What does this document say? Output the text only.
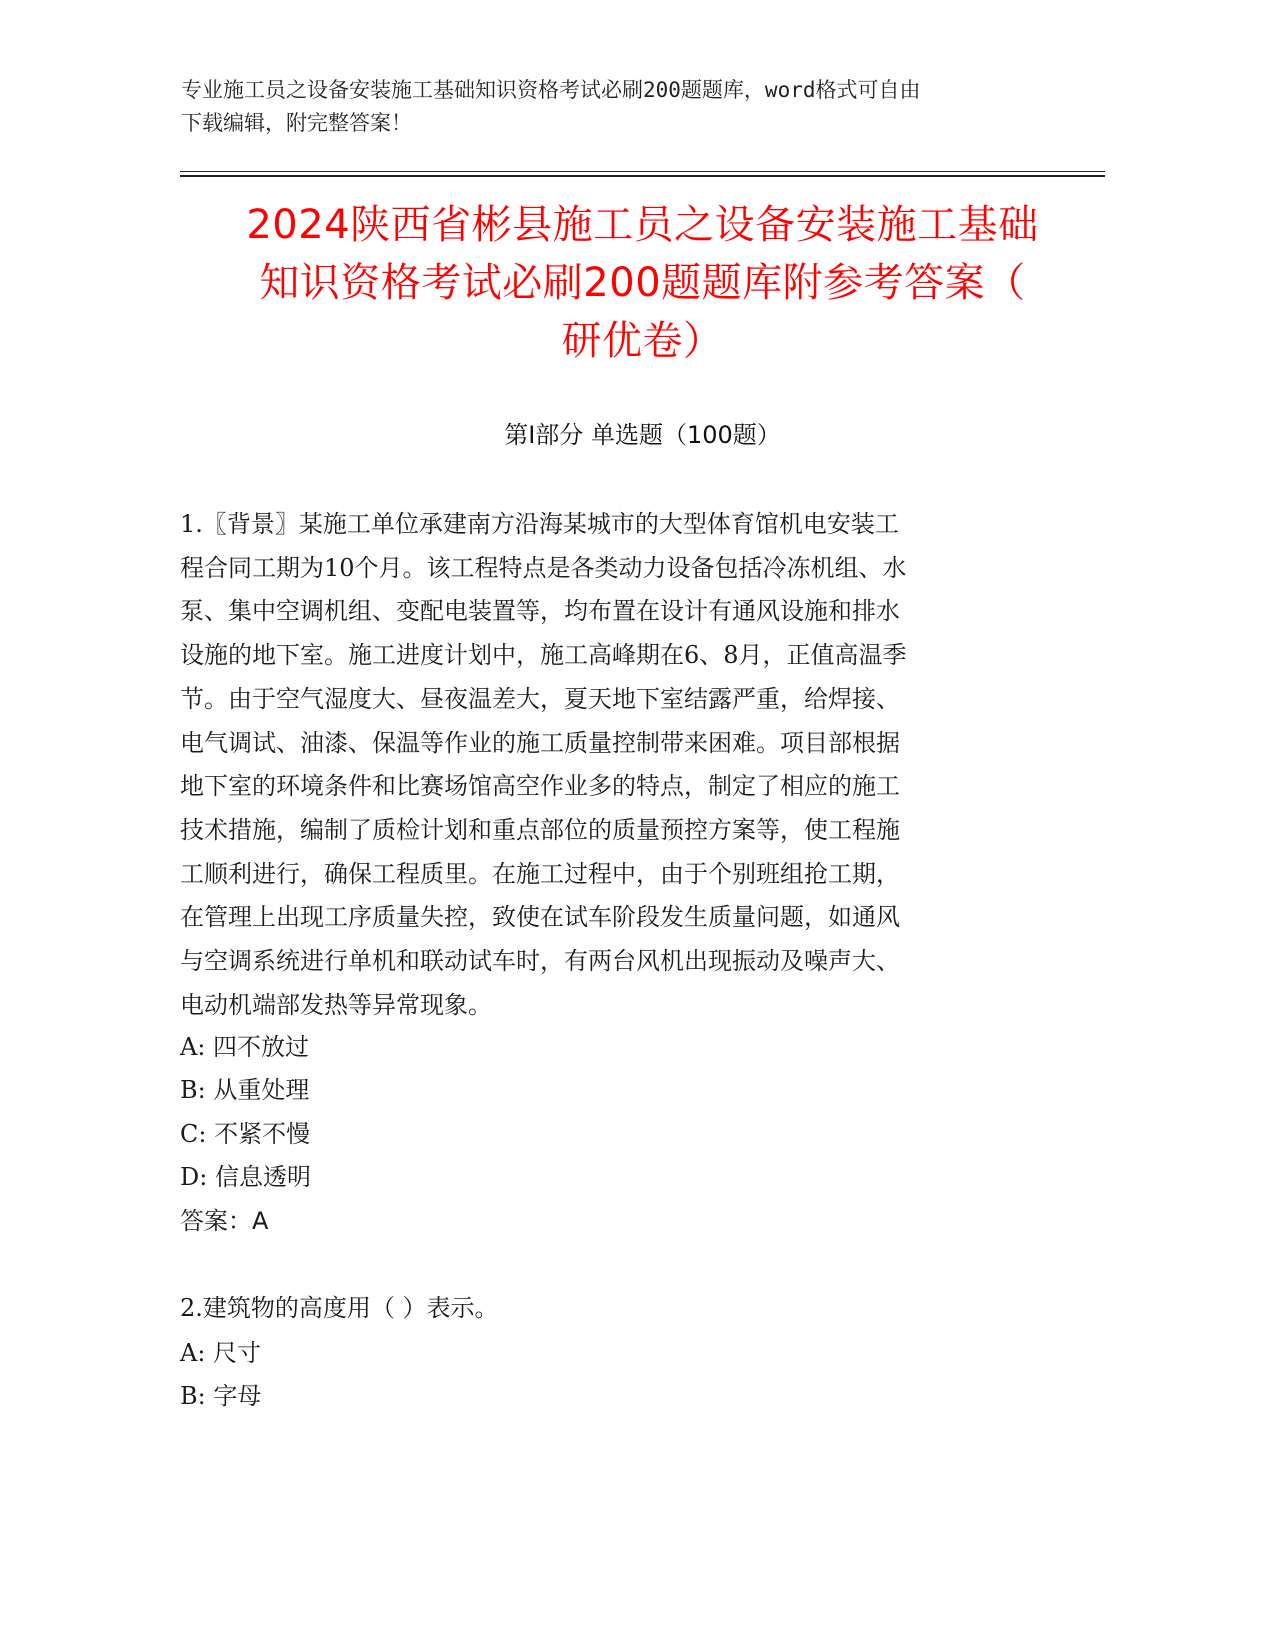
专业施工员之设备安装施工基础知识资格考试必刷200题题库，word格式可自由
下载编辑，附完整答案！
2024陕西省彬县施工员之设备安装施工基础
知识资格考试必刷200题题库附参考答案（
研优卷）
第Ⅰ部分 单选题（100题）
1.〖背景〗某施工单位承建南方沿海某城市的大型体育馆机电安装工
程合同工期为10个月。该工程特点是各类动力设备包括冷冻机组、水
泵、集中空调机组、变配电装置等，均布置在设计有通风设施和排水
设施的地下室。施工进度计划中，施工高峰期在6、8月，正值高温季
节。由于空气湿度大、昼夜温差大，夏天地下室结露严重，给焊接、
电气调试、油漆、保温等作业的施工质量控制带来困难。项目部根据
地下室的环境条件和比赛场馆高空作业多的特点，制定了相应的施工
技术措施，编制了质检计划和重点部位的质量预控方案等，使工程施
工顺利进行，确保工程质里。在施工过程中，由于个别班组抢工期，
在管理上出现工序质量失控，致使在试车阶段发生质量问题，如通风
与空调系统进行单机和联动试车时，有两台风机出现振动及噪声大、
电动机端部发热等异常现象。
A: 四不放过
B: 从重处理
C: 不紧不慢
D: 信息透明
答案：A
2.建筑物的高度用（ ）表示。
A: 尺寸
B: 字母
